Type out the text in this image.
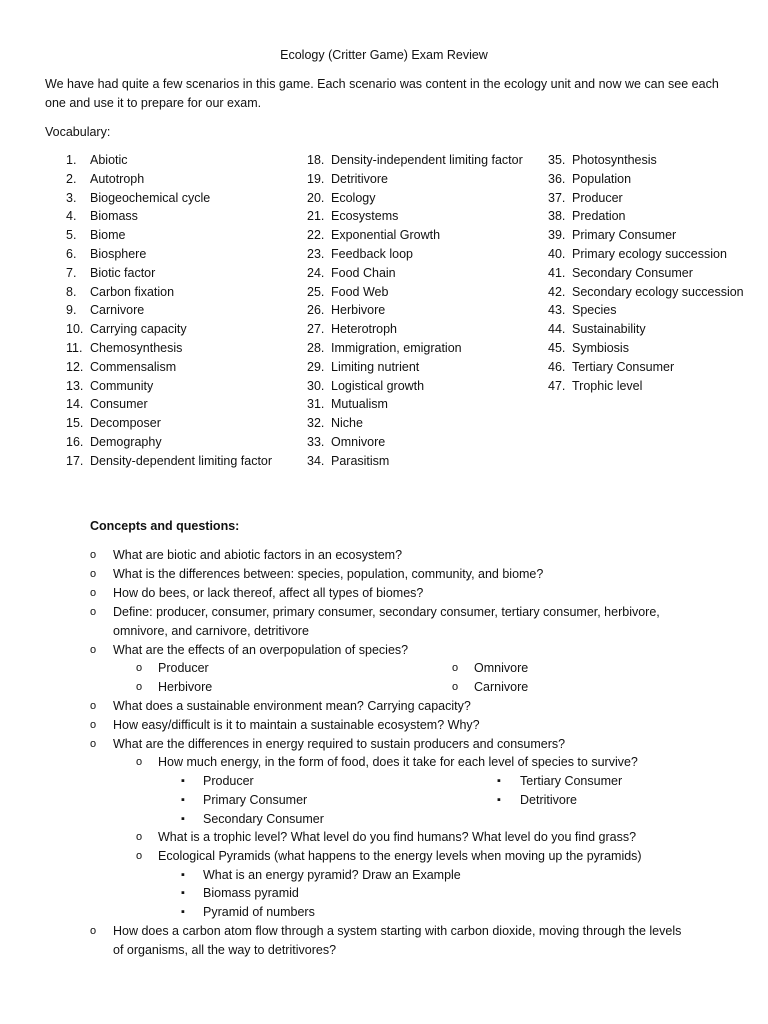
Ecology (Critter Game) Exam Review
We have had quite a few scenarios in this game. Each scenario was content in the ecology unit and now we can see each one and use it to prepare for our exam.
Vocabulary:
1. Abiotic
2. Autotroph
3. Biogeochemical cycle
4. Biomass
5. Biome
6. Biosphere
7. Biotic factor
8. Carbon fixation
9. Carnivore
10. Carrying capacity
11. Chemosynthesis
12. Commensalism
13. Community
14. Consumer
15. Decomposer
16. Demography
17. Density-dependent limiting factor
18. Density-independent limiting factor
19. Detritivore
20. Ecology
21. Ecosystems
22. Exponential Growth
23. Feedback loop
24. Food Chain
25. Food Web
26. Herbivore
27. Heterotroph
28. Immigration, emigration
29. Limiting nutrient
30. Logistical growth
31. Mutualism
32. Niche
33. Omnivore
34. Parasitism
35. Photosynthesis
36. Population
37. Producer
38. Predation
39. Primary Consumer
40. Primary ecology succession
41. Secondary Consumer
42. Secondary ecology succession
43. Species
44. Sustainability
45. Symbiosis
46. Tertiary Consumer
47. Trophic level
Concepts and questions:
o What are biotic and abiotic factors in an ecosystem?
o What is the differences between: species, population, community, and biome?
o How do bees, or lack thereof, affect all types of biomes?
o Define: producer, consumer, primary consumer, secondary consumer, tertiary consumer, herbivore, omnivore, and carnivore, detritivore
o What are the effects of an overpopulation of species?
o Producer
o Herbivore
o Omnivore
o Carnivore
o What does a sustainable environment mean? Carrying capacity?
o How easy/difficult is it to maintain a sustainable ecosystem? Why?
o What are the differences in energy required to sustain producers and consumers?
o How much energy, in the form of food, does it take for each level of species to survive?
▪ Producer
▪ Primary Consumer
▪ Secondary Consumer
▪ Tertiary Consumer
▪ Detritivore
o What is a trophic level? What level do you find humans? What level do you find grass?
o Ecological Pyramids (what happens to the energy levels when moving up the pyramids)
▪ What is an energy pyramid? Draw an Example
▪ Biomass pyramid
▪ Pyramid of numbers
o How does a carbon atom flow through a system starting with carbon dioxide, moving through the levels of organisms, all the way to detritivores?
